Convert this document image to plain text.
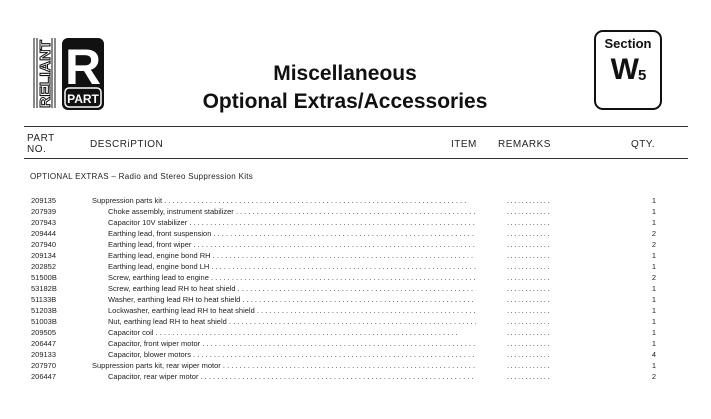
RELIANT R
PART
Miscellaneous
Optional Extras/Accessories
Section
$W_5$
PART
NO.	DESCRiPTION	ITEM REMARKS	QTY.
OPTIONAL EXTRAS – Radio and Stereo Suppression Kits
209135	Suppression parts kit . . .	............	1
207939	Choke assembly, instrument stabilizer . . .	............	1
207943	Capacitor 10V stabilizer . . .	............	1
209444	Earthing lead, front suspension . . .	............	2
207940	Earthing lead, front wiper . . .	............	2
209134	Earthing lead, engine bond RH . . .	............	1
202852	Earthing lead, engine bond LH . . .	............	1
51500B	Screw, earthing lead to engine . . .	............	2
53182B	Screw, earthing lead RH to heat shield . . .	............	1
51133B	Washer, earthing lead RH to heat shield . . .	............	1
51203B	Lockwasher, earthing lead RH to heat shield . . .	............	1
51003B	Nut, earthing lead RH to heat shield . . .	............	1
209505	Capacitor coil . . .	............	1
206447	Capacitor, front wiper motor . . .	............	1
209133	Capacitor, blower motors . . .	............	4
207970	Suppression parts kit, rear wiper motor . . .	............	1
206447	Capacitor, rear wiper motor . . .	............	2
